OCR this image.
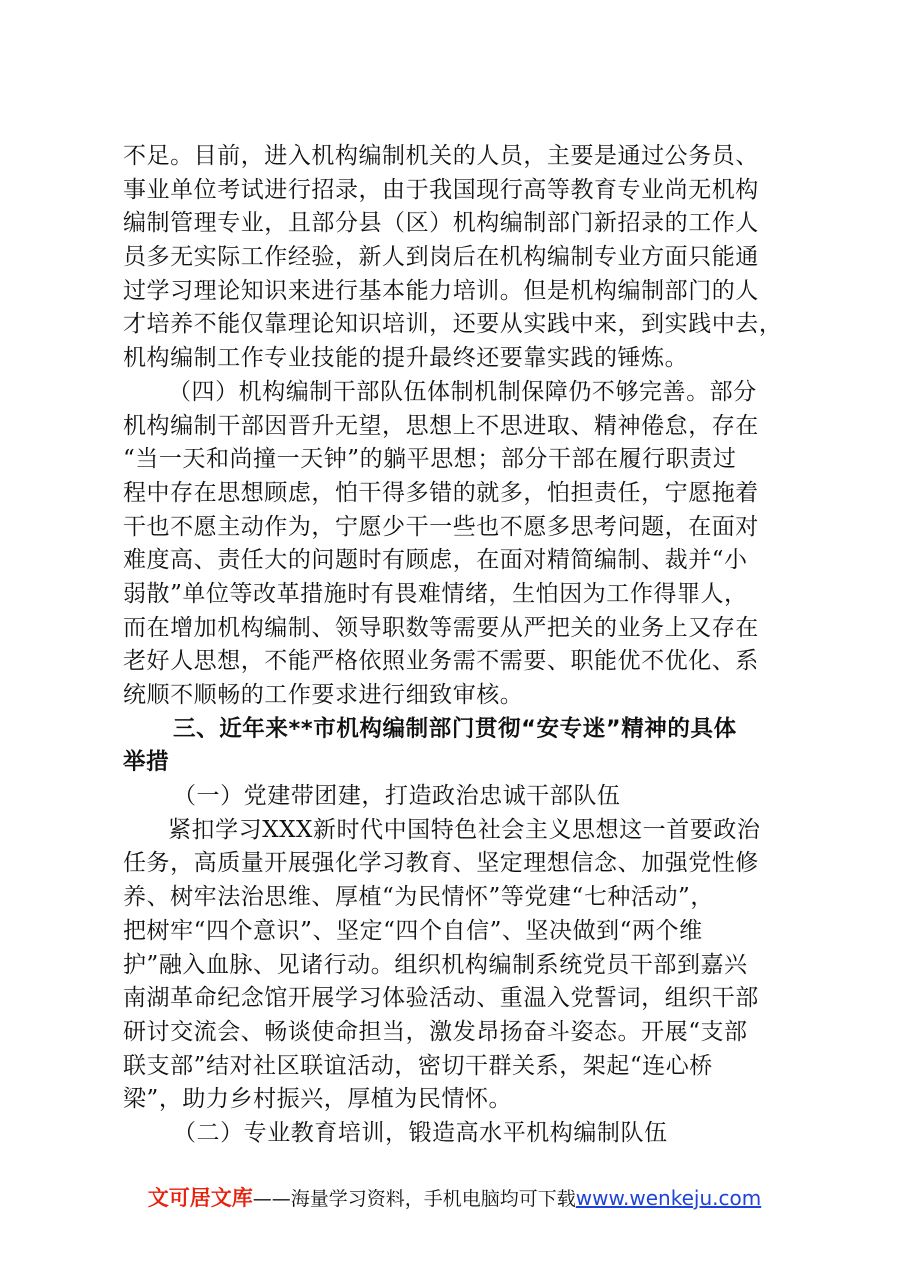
不足。目前，进入机构编制机关的人员，主要是通过公务员、
事业单位考试进行招录，由于我国现行高等教育专业尚无机构
编制管理专业，且部分县（区）机构编制部门新招录的工作人
员多无实际工作经验，新人到岗后在机构编制专业方面只能通
过学习理论知识来进行基本能力培训。但是机构编制部门的人
才培养不能仅靠理论知识培训，还要从实践中来，到实践中去，
机构编制工作专业技能的提升最终还要靠实践的锤炼。
（四）机构编制干部队伍体制机制保障仍不够完善。部分
机构编制干部因晋升无望，思想上不思进取、精神倦怠，存在
“当一天和尚撞一天钟”的躺平思想；部分干部在履行职责过
程中存在思想顾虑，怕干得多错的就多，怕担责任，宁愿拖着
干也不愿主动作为，宁愿少干一些也不愿多思考问题，在面对
难度高、责任大的问题时有顾虑，在面对精简编制、裁并“小
弱散”单位等改革措施时有畏难情绪，生怕因为工作得罪人，
而在增加机构编制、领导职数等需要从严把关的业务上又存在
老好人思想，不能严格依照业务需不需要、职能优不优化、系
统顺不顺畅的工作要求进行细致审核。
三、近年来**市机构编制部门贯彻“安专迷”精神的具体
举措
（一）党建带团建，打造政治忠诚干部队伍
紧扣学习XXX新时代中国特色社会主义思想这一首要政治
任务，高质量开展强化学习教育、坚定理想信念、加强党性修
养、树牢法治思维、厚植“为民情怀”等党建“七种活动”，
把树牢“四个意识”、坚定“四个自信”、坚决做到“两个维
护”融入血脉、见诸行动。组织机构编制系统党员干部到嘉兴
南湖革命纪念馆开展学习体验活动、重温入党誓词，组织干部
研讨交流会、畅谈使命担当，激发昂扬奋斗姿态。开展“支部
联支部”结对社区联谊活动，密切干群关系，架起“连心桥
梁”，助力乡村振兴，厚植为民情怀。
（二）专业教育培训，锻造高水平机构编制队伍
文可居文库——海量学习资料，手机电脑均可下载www.wenkeju.com
